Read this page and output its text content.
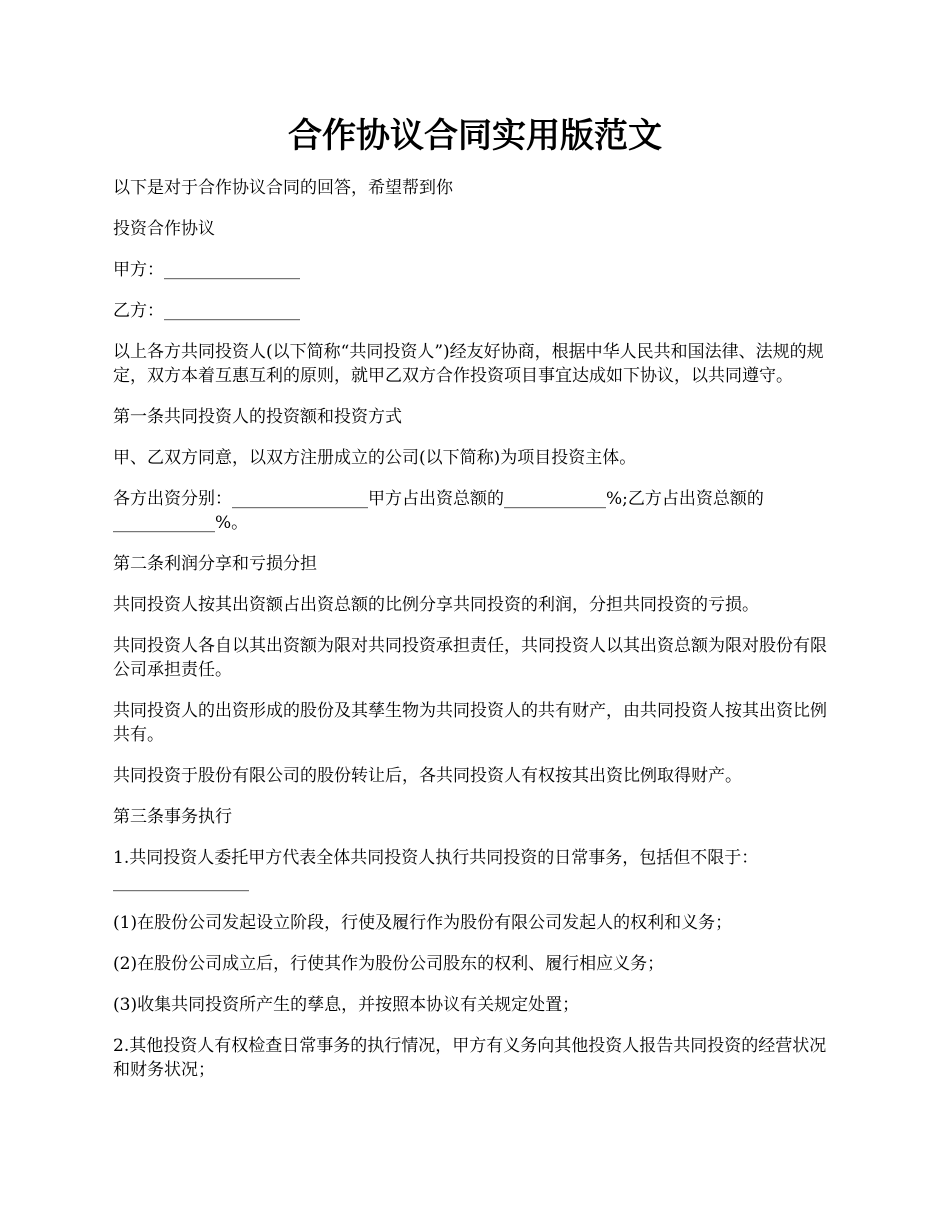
合作协议合同实用版范文

以下是对于合作协议合同的回答，希望帮到你

投资合作协议

甲方：________________

乙方：________________

以上各方共同投资人(以下简称“共同投资人”)经友好协商，根据中华人民共和国法律、法规的规定，双方本着互惠互利的原则，就甲乙双方合作投资项目事宜达成如下协议，以共同遵守。

第一条共同投资人的投资额和投资方式

甲、乙双方同意，以双方注册成立的公司(以下简称)为项目投资主体。

各方出资分别：________________甲方占出资总额的____________%;乙方占出资总额的____________%。

第二条利润分享和亏损分担

共同投资人按其出资额占出资总额的比例分享共同投资的利润，分担共同投资的亏损。

共同投资人各自以其出资额为限对共同投资承担责任，共同投资人以其出资总额为限对股份有限公司承担责任。

共同投资人的出资形成的股份及其孳生物为共同投资人的共有财产，由共同投资人按其出资比例共有。

共同投资于股份有限公司的股份转让后，各共同投资人有权按其出资比例取得财产。

第三条事务执行

1.共同投资人委托甲方代表全体共同投资人执行共同投资的日常事务，包括但不限于：________________

(1)在股份公司发起设立阶段，行使及履行作为股份有限公司发起人的权利和义务；

(2)在股份公司成立后，行使其作为股份公司股东的权利、履行相应义务；

(3)收集共同投资所产生的孳息，并按照本协议有关规定处置；

2.其他投资人有权检查日常事务的执行情况，甲方有义务向其他投资人报告共同投资的经营状况和财务状况；
